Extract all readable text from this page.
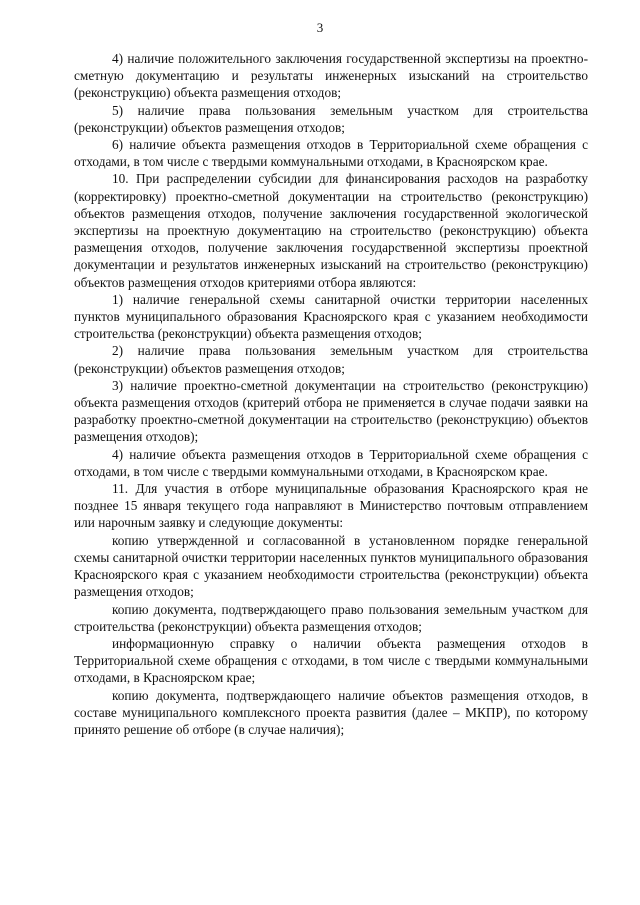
3

4) наличие положительного заключения государственной экспертизы на проектно-сметную документацию и результаты инженерных изысканий на строительство (реконструкцию) объекта размещения отходов;

5) наличие права пользования земельным участком для строительства (реконструкции) объектов размещения отходов;

6) наличие объекта размещения отходов в Территориальной схеме обращения с отходами, в том числе с твердыми коммунальными отходами, в Красноярском крае.

10. При распределении субсидии для финансирования расходов на разработку (корректировку) проектно-сметной документации на строительство (реконструкцию) объектов размещения отходов, получение заключения государственной экологической экспертизы на проектную документацию на строительство (реконструкцию) объекта размещения отходов, получение заключения государственной экспертизы проектной документации и результатов инженерных изысканий на строительство (реконструкцию) объектов размещения отходов критериями отбора являются:

1) наличие генеральной схемы санитарной очистки территории населенных пунктов муниципального образования Красноярского края с указанием необходимости строительства (реконструкции) объекта размещения отходов;

2) наличие права пользования земельным участком для строительства (реконструкции) объектов размещения отходов;

3) наличие проектно-сметной документации на строительство (реконструкцию) объекта размещения отходов (критерий отбора не применяется в случае подачи заявки на разработку проектно-сметной документации на строительство (реконструкцию) объектов размещения отходов);

4) наличие объекта размещения отходов в Территориальной схеме обращения с отходами, в том числе с твердыми коммунальными отходами, в Красноярском крае.

11. Для участия в отборе муниципальные образования Красноярского края не позднее 15 января текущего года направляют в Министерство почтовым отправлением или нарочным заявку и следующие документы:

копию утвержденной и согласованной в установленном порядке генеральной схемы санитарной очистки территории населенных пунктов муниципального образования Красноярского края с указанием необходимости строительства (реконструкции) объекта размещения отходов;

копию документа, подтверждающего право пользования земельным участком для строительства (реконструкции) объекта размещения отходов;

информационную справку о наличии объекта размещения отходов в Территориальной схеме обращения с отходами, в том числе с твердыми коммунальными отходами, в Красноярском крае;

копию документа, подтверждающего наличие объектов размещения отходов, в составе муниципального комплексного проекта развития (далее – МКПР), по которому принято решение об отборе (в случае наличия);
